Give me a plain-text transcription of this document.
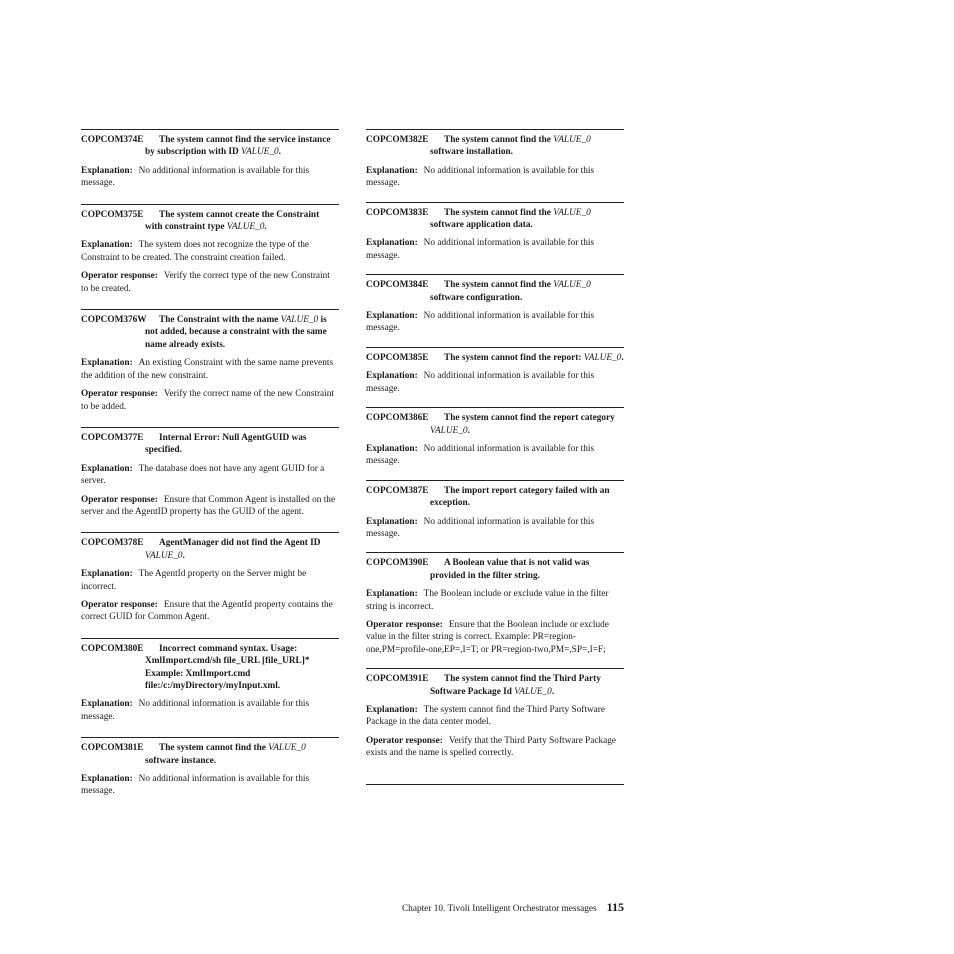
COPCOM374E	The system cannot find the service instance by subscription with ID VALUE_0.
Explanation: No additional information is available for this message.
COPCOM375E	The system cannot create the Constraint with constraint type VALUE_0.
Explanation: The system does not recognize the type of the Constraint to be created. The constraint creation failed.
Operator response: Verify the correct type of the new Constraint to be created.
COPCOM376W	The Constraint with the name VALUE_0 is not added, because a constraint with the same name already exists.
Explanation: An existing Constraint with the same name prevents the addition of the new constraint.
Operator response: Verify the correct name of the new Constraint to be added.
COPCOM377E	Internal Error: Null AgentGUID was specified.
Explanation: The database does not have any agent GUID for a server.
Operator response: Ensure that Common Agent is installed on the server and the AgentID property has the GUID of the agent.
COPCOM378E	AgentManager did not find the Agent ID VALUE_0.
Explanation: The AgentId property on the Server might be incorrect.
Operator response: Ensure that the AgentId property contains the correct GUID for Common Agent.
COPCOM380E	Incorrect command syntax. Usage: XmlImport.cmd/sh file_URL [file_URL]* Example: XmlImport.cmd file:/c:/myDirectory/myInput.xml.
Explanation: No additional information is available for this message.
COPCOM381E	The system cannot find the VALUE_0 software instance.
Explanation: No additional information is available for this message.
COPCOM382E	The system cannot find the VALUE_0 software installation.
Explanation: No additional information is available for this message.
COPCOM383E	The system cannot find the VALUE_0 software application data.
Explanation: No additional information is available for this message.
COPCOM384E	The system cannot find the VALUE_0 software configuration.
Explanation: No additional information is available for this message.
COPCOM385E	The system cannot find the report: VALUE_0.
Explanation: No additional information is available for this message.
COPCOM386E	The system cannot find the report category VALUE_0.
Explanation: No additional information is available for this message.
COPCOM387E	The import report category failed with an exception.
Explanation: No additional information is available for this message.
COPCOM390E	A Boolean value that is not valid was provided in the filter string.
Explanation: The Boolean include or exclude value in the filter string is incorrect.
Operator response: Ensure that the Boolean include or exclude value in the filter string is correct. Example: PR=region-one,PM=profile-one,EP=,I=T; or PR=region-two,PM=,SP=,I=F;
COPCOM391E	The system cannot find the Third Party Software Package Id VALUE_0.
Explanation: The system cannot find the Third Party Software Package in the data center model.
Operator response: Verify that the Third Party Software Package exists and the name is spelled correctly.
Chapter 10. Tivoli Intelligent Orchestrator messages 115
